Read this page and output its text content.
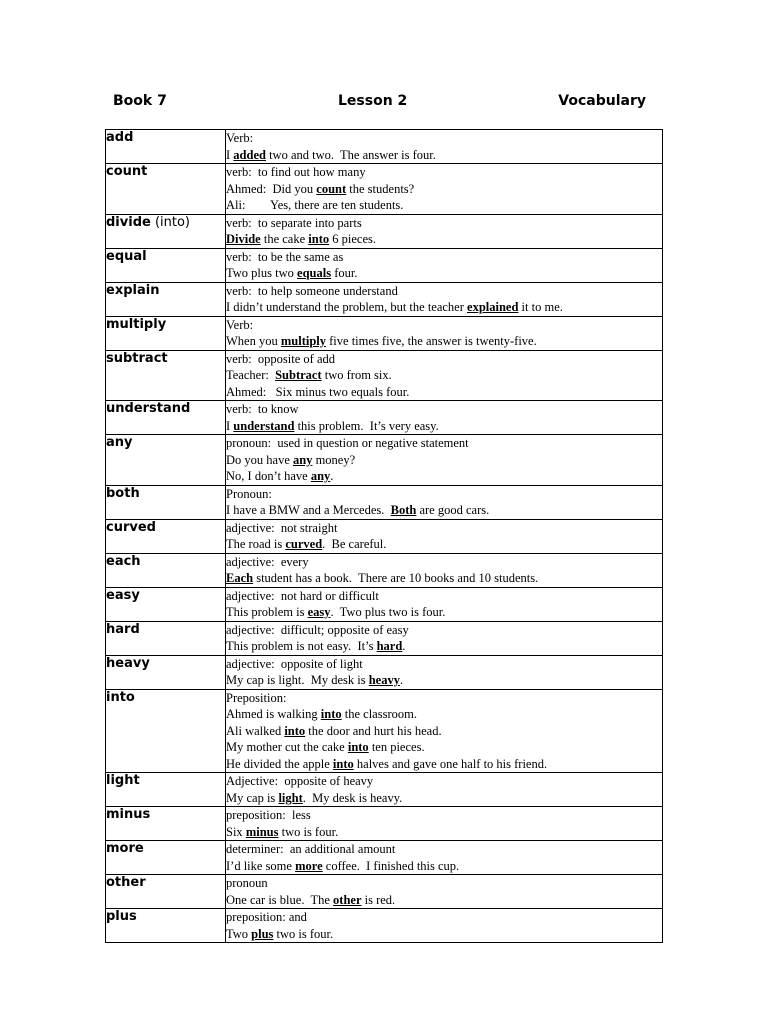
Book 7	Lesson 2	Vocabulary
add	Verb:
I added two and two.  The answer is four.

count	verb:  to find out how many
Ahmed:  Did you count the students?
Ali:        Yes, there are ten students.

divide (into)	verb:  to separate into parts
Divide the cake into 6 pieces.

equal	verb:  to be the same as
Two plus two equals four.

explain	verb:  to help someone understand
I didn’t understand the problem, but the teacher explained it to me.

multiply	Verb:
When you multiply five times five, the answer is twenty-five.

subtract	verb:  opposite of add
Teacher:  Subtract two from six.
Ahmed:   Six minus two equals four.

understand	verb:  to know
I understand this problem.  It’s very easy.

any	pronoun:  used in question or negative statement
Do you have any money?
No, I don’t have any.

both	Pronoun:
I have a BMW and a Mercedes.  Both are good cars.

curved	adjective:  not straight
The road is curved.  Be careful.

each	adjective:  every
Each student has a book.  There are 10 books and 10 students.

easy	adjective:  not hard or difficult
This problem is easy.  Two plus two is four.

hard	adjective:  difficult; opposite of easy
This problem is not easy.  It’s hard.

heavy	adjective:  opposite of light
My cap is light.  My desk is heavy.

into	Preposition:
Ahmed is walking into the classroom.
Ali walked into the door and hurt his head.
My mother cut the cake into ten pieces.
He divided the apple into halves and gave one half to his friend.

light	Adjective:  opposite of heavy
My cap is light.  My desk is heavy.

minus	preposition:  less
Six minus two is four.

more	determiner:  an additional amount
I’d like some more coffee.  I finished this cup.

other	pronoun
One car is blue.  The other is red.

plus	preposition: and
Two plus two is four.
